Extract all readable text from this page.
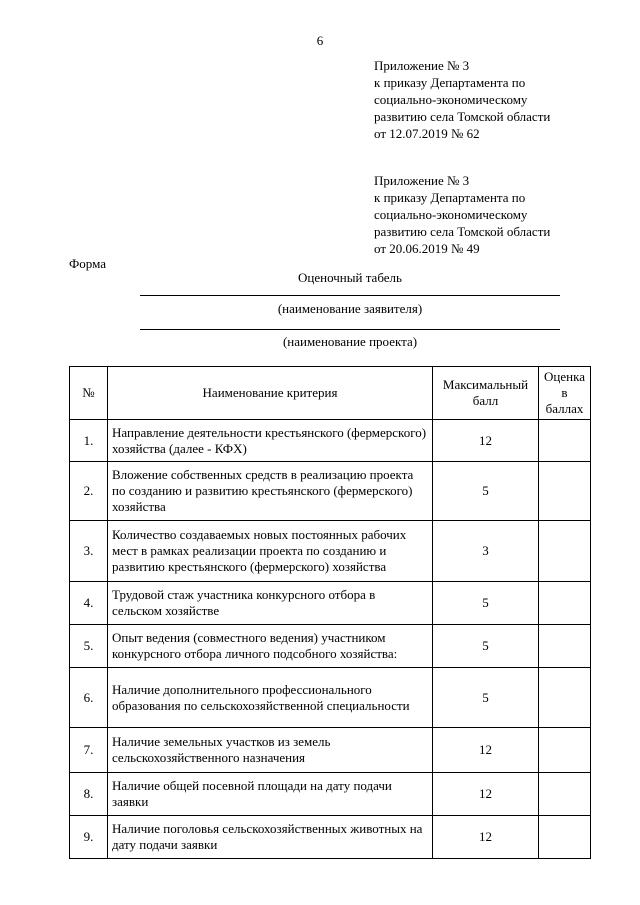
6
Приложение № 3
к приказу Департамента по
социально-экономическому
развитию села Томской области
от 12.07.2019 № 62
Приложение № 3
к приказу Департамента по
социально-экономическому
развитию села Томской области
от 20.06.2019 № 49
Форма
Оценочный табель
(наименование заявителя)
(наименование проекта)
№	Наименование критерия	Максимальный балл	Оценка в баллах
1.	Направление деятельности крестьянского (фермерского) хозяйства (далее - КФХ)	12	
2.	Вложение собственных средств в реализацию проекта по созданию и развитию крестьянского (фермерского) хозяйства	5	
3.	Количество создаваемых новых постоянных рабочих мест в рамках реализации проекта по созданию и развитию крестьянского (фермерского) хозяйства	3	
4.	Трудовой стаж участника конкурсного отбора в сельском хозяйстве	5	
5.	Опыт ведения (совместного ведения) участником конкурсного отбора личного подсобного хозяйства:	5	
6.	Наличие дополнительного профессионального образования по сельскохозяйственной специальности	5	
7.	Наличие земельных участков из земель сельскохозяйственного назначения	12	
8.	Наличие общей посевной площади на дату подачи заявки	12	
9.	Наличие поголовья сельскохозяйственных животных на дату подачи заявки	12	
